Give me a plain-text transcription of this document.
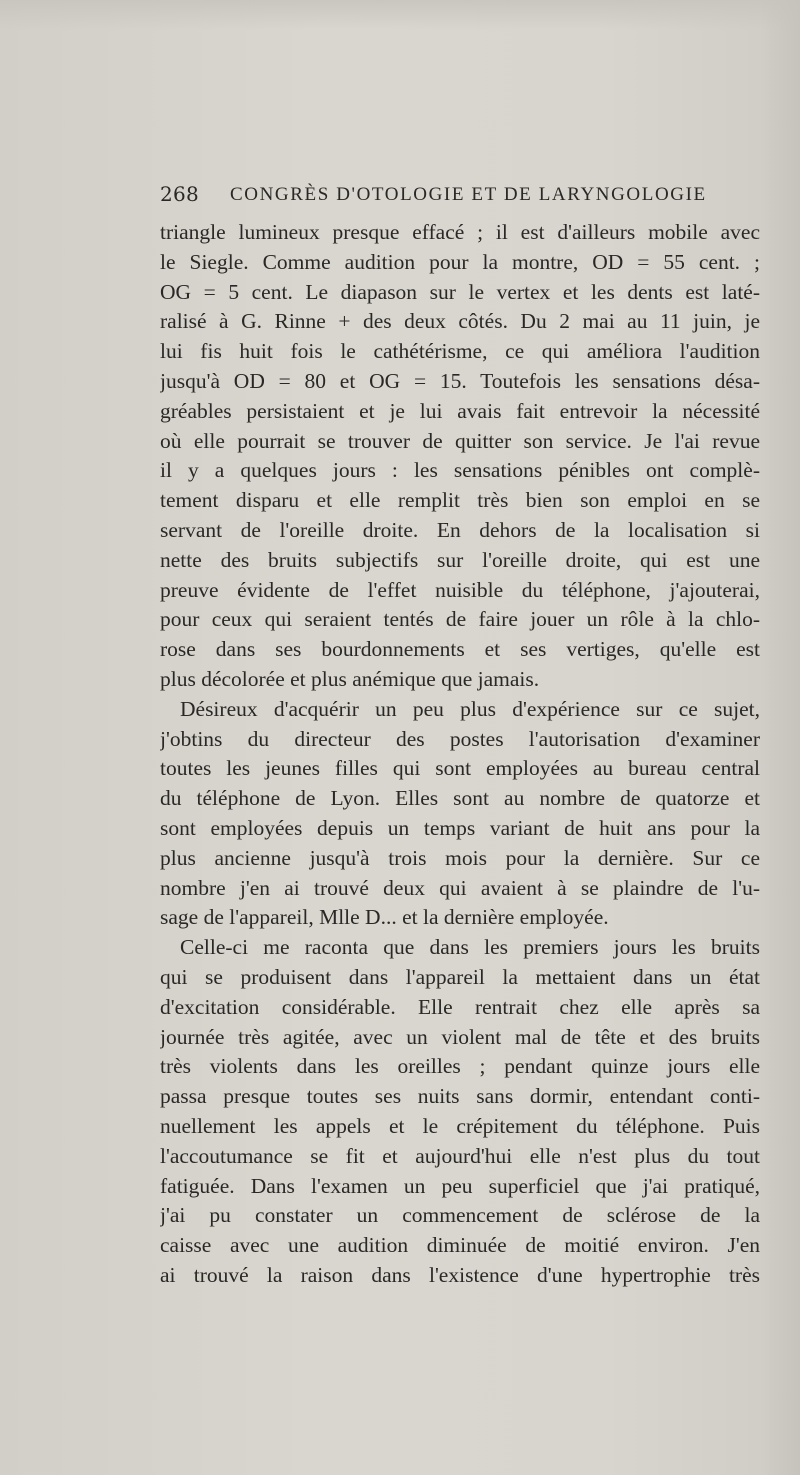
268 CONGRÈS D'OTOLOGIE ET DE LARYNGOLOGIE
triangle lumineux presque effacé ; il est d'ailleurs mobile avec
le Siegle. Comme audition pour la montre, OD = 55 cent. ;
OG = 5 cent. Le diapason sur le vertex et les dents est laté-
ralisé à G. Rinne + des deux côtés. Du 2 mai au 11 juin, je
lui fis huit fois le cathétérisme, ce qui améliora l'audition
jusqu'à OD = 80 et OG = 15. Toutefois les sensations désa-
gréables persistaient et je lui avais fait entrevoir la nécessité
où elle pourrait se trouver de quitter son service. Je l'ai revue
il y a quelques jours : les sensations pénibles ont complè-
tement disparu et elle remplit très bien son emploi en se
servant de l'oreille droite. En dehors de la localisation si
nette des bruits subjectifs sur l'oreille droite, qui est une
preuve évidente de l'effet nuisible du téléphone, j'ajouterai,
pour ceux qui seraient tentés de faire jouer un rôle à la chlo-
rose dans ses bourdonnements et ses vertiges, qu'elle est
plus décolorée et plus anémique que jamais.
Désireux d'acquérir un peu plus d'expérience sur ce sujet,
j'obtins du directeur des postes l'autorisation d'examiner
toutes les jeunes filles qui sont employées au bureau central
du téléphone de Lyon. Elles sont au nombre de quatorze et
sont employées depuis un temps variant de huit ans pour la
plus ancienne jusqu'à trois mois pour la dernière. Sur ce
nombre j'en ai trouvé deux qui avaient à se plaindre de l'u-
sage de l'appareil, Mlle D... et la dernière employée.
Celle-ci me raconta que dans les premiers jours les bruits
qui se produisent dans l'appareil la mettaient dans un état
d'excitation considérable. Elle rentrait chez elle après sa
journée très agitée, avec un violent mal de tête et des bruits
très violents dans les oreilles ; pendant quinze jours elle
passa presque toutes ses nuits sans dormir, entendant conti-
nuellement les appels et le crépitement du téléphone. Puis
l'accoutumance se fit et aujourd'hui elle n'est plus du tout
fatiguée. Dans l'examen un peu superficiel que j'ai pratiqué,
j'ai pu constater un commencement de sclérose de la
caisse avec une audition diminuée de moitié environ. J'en
ai trouvé la raison dans l'existence d'une hypertrophie très
